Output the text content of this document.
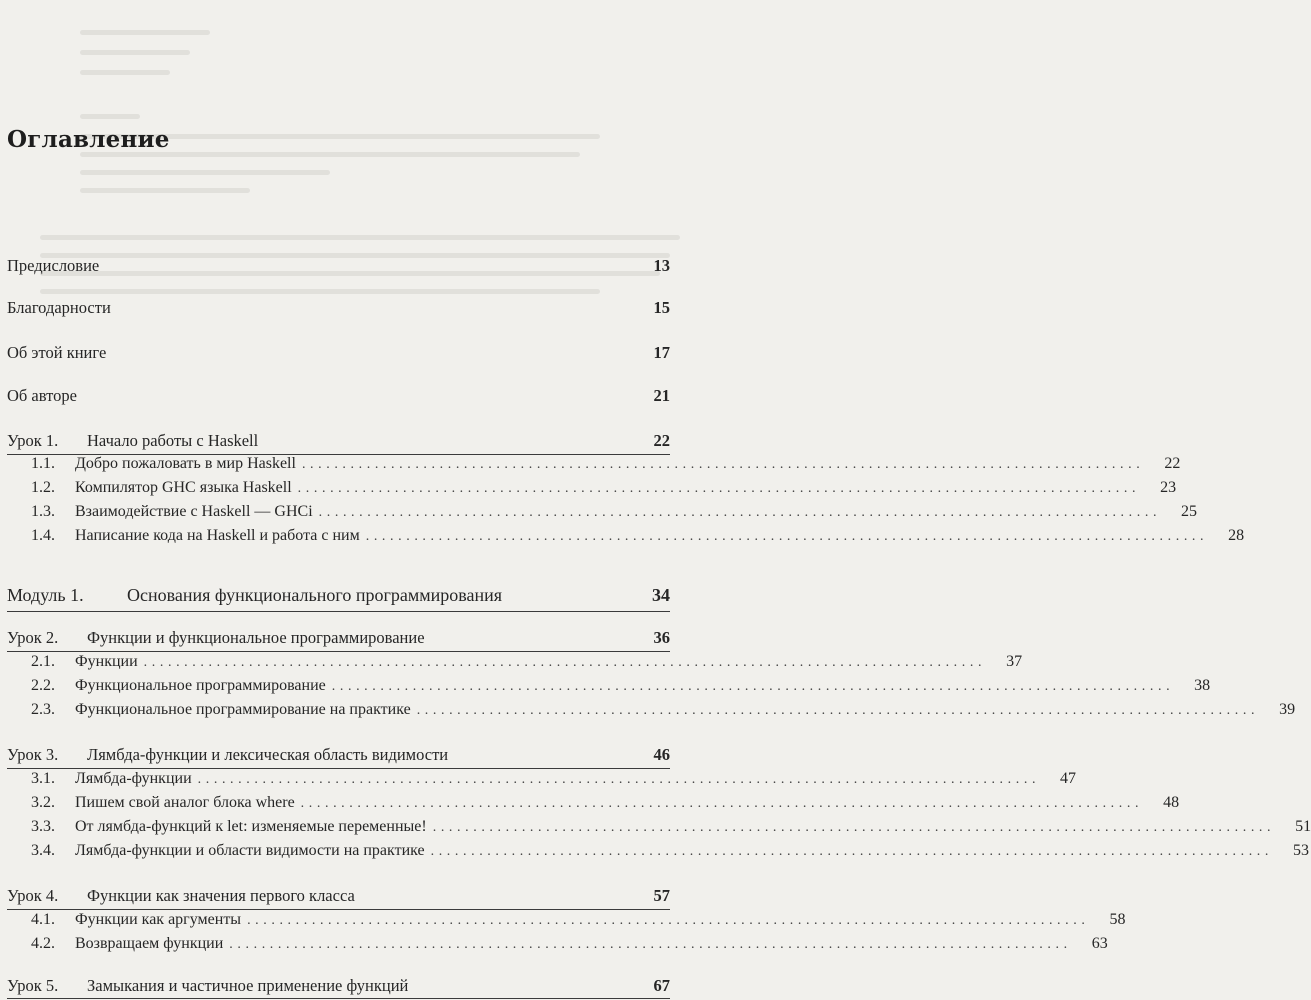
Оглавление
Предисловие	13
Благодарности	15
Об этой книге	17
Об авторе	21
Урок 1.	Начало работы с Haskell	22
1.1.	Добро пожаловать в мир Haskell ........................................................................................................	22
1.2.	Компилятор GHC языка Haskell ........................................................................................................	23
1.3.	Взаимодействие с Haskell — GHCi ........................................................................................................	25
1.4.	Написание кода на Haskell и работа с ним ........................................................................................................	28
Модуль 1.	Основания функционального программирования	34
Урок 2.	Функции и функциональное программирование	36
2.1.	Функции ........................................................................................................	37
2.2.	Функциональное программирование ........................................................................................................	38
2.3.	Функциональное программирование на практике ........................................................................................................	39
Урок 3.	Лямбда-функции и лексическая область видимости	46
3.1.	Лямбда-функции ........................................................................................................	47
3.2.	Пишем свой аналог блока where ........................................................................................................	48
3.3.	От лямбда-функций к let: изменяемые переменные! ........................................................................................................	51
3.4.	Лямбда-функции и области видимости на практике ........................................................................................................	53
Урок 4.	Функции как значения первого класса	57
4.1.	Функции как аргументы ........................................................................................................	58
4.2.	Возвращаем функции ........................................................................................................	63
Урок 5.	Замыкания и частичное применение функций	67
